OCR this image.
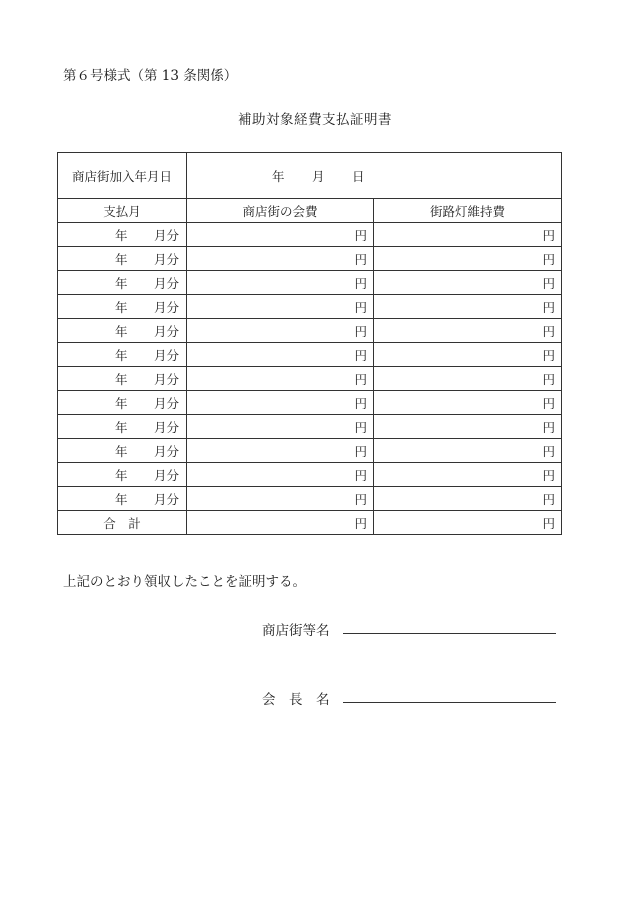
第６号様式（第 13 条関係）
補助対象経費支払証明書
商店街加入年月日	年 月 日	
支払月	商店街の会費	街路灯維持費
年 月分	円	円
年 月分	円	円
年 月分	円	円
年 月分	円	円
年 月分	円	円
年 月分	円	円
年 月分	円	円
年 月分	円	円
年 月分	円	円
年 月分	円	円
年 月分	円	円
年 月分	円	円
合　計	円	円
上記のとおり領収したことを証明する。
商店街等名
会　長　名
